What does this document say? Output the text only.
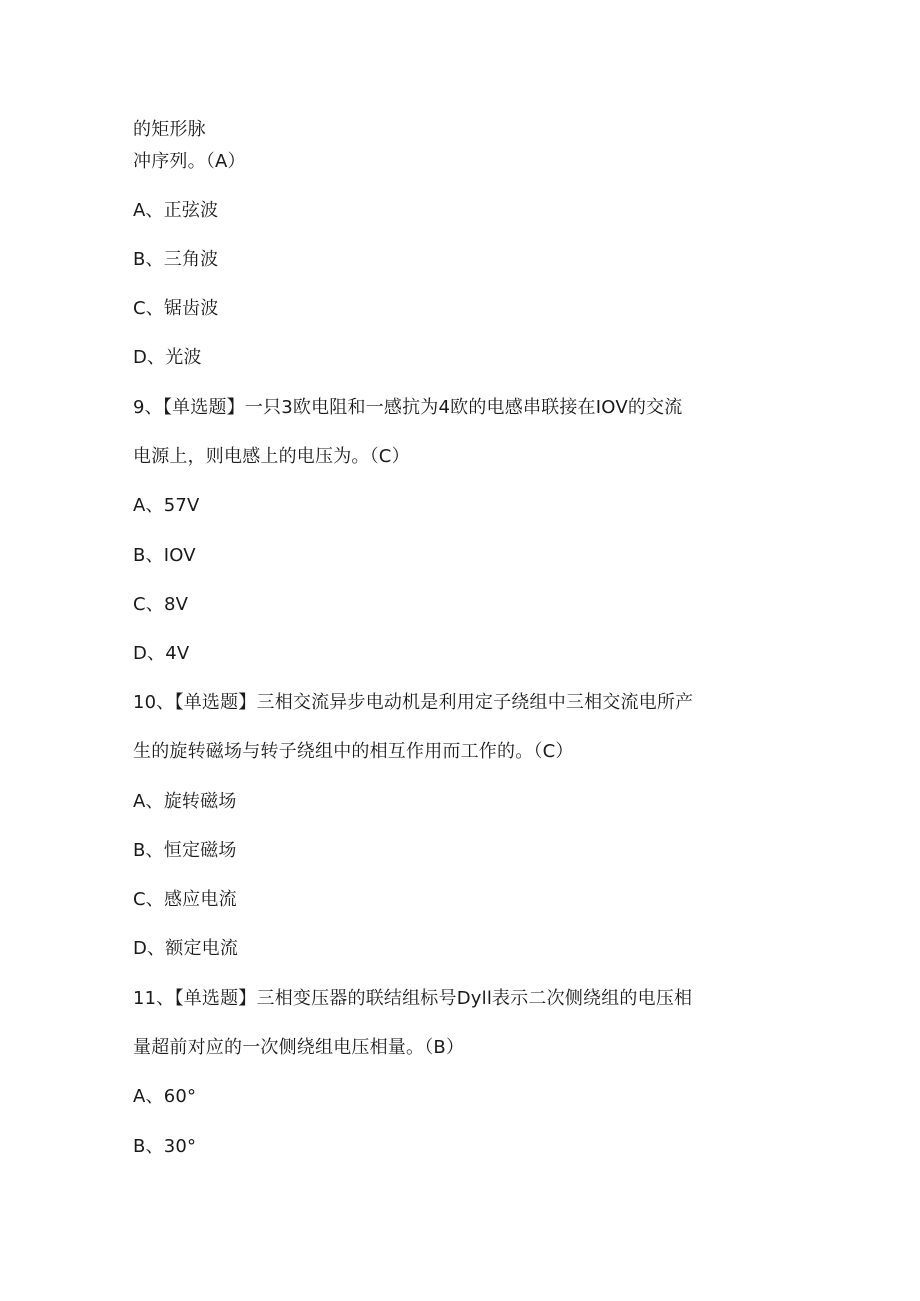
的矩形脉
冲序列。（A）
A、正弦波
B、三角波
C、锯齿波
D、光波
9、【单选题】一只3欧电阻和一感抗为4欧的电感串联接在IOV的交流
电源上，则电感上的电压为。（C）
A、57V
B、IOV
C、8V
D、4V
10、【单选题】三相交流异步电动机是利用定子绕组中三相交流电所产
生的旋转磁场与转子绕组中的相互作用而工作的。（C）
A、旋转磁场
B、恒定磁场
C、感应电流
D、额定电流
11、【单选题】三相变压器的联结组标号Dyll表示二次侧绕组的电压相
量超前对应的一次侧绕组电压相量。（B）
A、60°
B、30°
